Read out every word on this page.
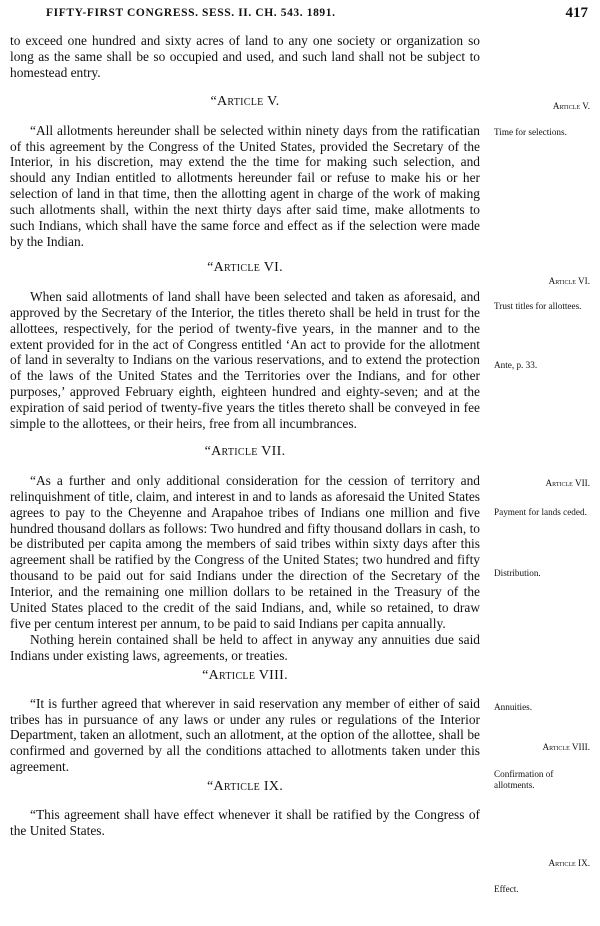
FIFTY-FIRST CONGRESS. SESS. II. CH. 543. 1891.	417

to exceed one hundred and sixty acres of land to any one society or organization so long as the same shall be so occupied and used, and such land shall not be subject to homestead entry.

“Article V.

“All allotments hereunder shall be selected within ninety days from the ratificatian of this agreement by the Congress of the United States, provided the Secretary of the Interior, in his discretion, may extend the the time for making such selection, and should any Indian entitled to allotments hereunder fail or refuse to make his or her selection of land in that time, then the allotting agent in charge of the work of making such allotments shall, within the next thirty days after said time, make allotments to such Indians, which shall have the same force and effect as if the selection were made by the Indian.

“Article VI.

When said allotments of land shall have been selected and taken as aforesaid, and approved by the Secretary of the Interior, the titles thereto shall be held in trust for the allottees, respectively, for the period of twenty-five years, in the manner and to the extent provided for in the act of Congress entitled ‘An act to provide for the allotment of land in severalty to Indians on the various reservations, and to extend the protection of the laws of the United States and the Territories over the Indians, and for other purposes,’ approved February eighth, eighteen hundred and eighty-seven; and at the expiration of said period of twenty-five years the titles thereto shall be conveyed in fee simple to the allottees, or their heirs, free from all incumbrances.

“Article VII.

“As a further and only additional consideration for the cession of territory and relinquishment of title, claim, and interest in and to lands as aforesaid the United States agrees to pay to the Cheyenne and Arapahoe tribes of Indians one million and five hundred thousand dollars as follows: Two hundred and fifty thousand dollars in cash, to be distributed per capita among the members of said tribes within sixty days after this agreement shall be ratified by the Congress of the United States; two hundred and fifty thousand to be paid out for said Indians under the direction of the Secretary of the Interior, and the remaining one million dollars to be retained in the Treasury of the United States placed to the credit of the said Indians, and, while so retained, to draw five per centum interest per annum, to be paid to said Indians per capita annually.

Nothing herein contained shall be held to affect in anyway any annuities due said Indians under existing laws, agreements, or treaties.

“Article VIII.

“It is further agreed that wherever in said reservation any member of either of said tribes has in pursuance of any laws or under any rules or regulations of the Interior Department, taken an allotment, such an allotment, at the option of the allottee, shall be confirmed and governed by all the conditions attached to allotments taken under this agreement.

“Article IX.

“This agreement shall have effect whenever it shall be ratified by the Congress of the United States.

Article V.
Time for selections.
Article VI.
Trust titles for allottees.
Ante, p. 33.
Article VII.
Payment for lands ceded.
Distribution.
Annuities.
Article VIII.
Confirmation of allotments.
Article IX.
Effect.
